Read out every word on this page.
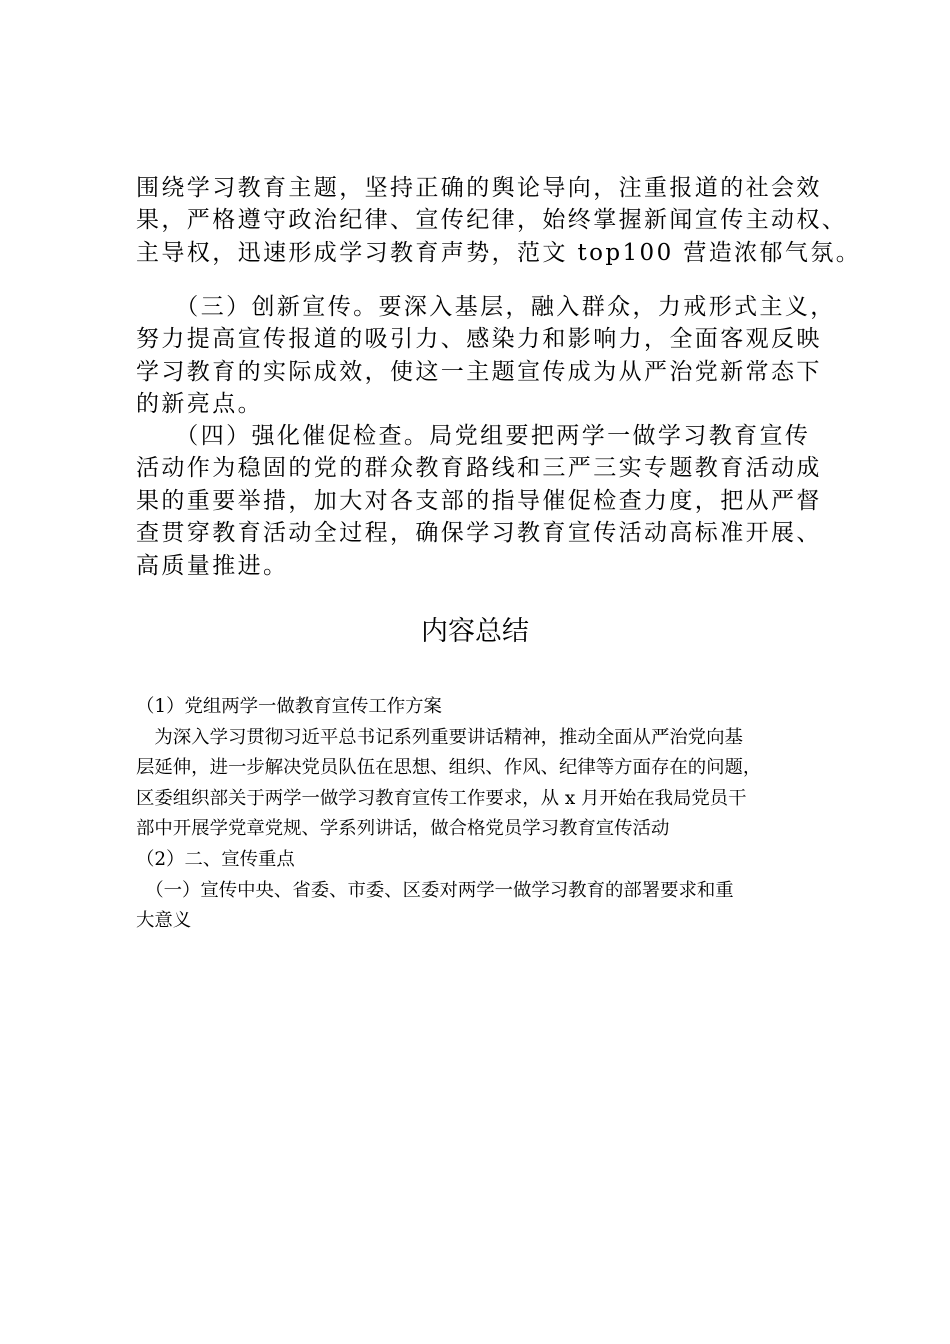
围绕学习教育主题，坚持正确的舆论导向，注重报道的社会效
果，严格遵守政治纪律、宣传纪律，始终掌握新闻宣传主动权、
主导权，迅速形成学习教育声势，范文 top100 营造浓郁气氛。

　　（三）创新宣传。要深入基层，融入群众，力戒形式主义，
努力提高宣传报道的吸引力、感染力和影响力，全面客观反映
学习教育的实际成效，使这一主题宣传成为从严治党新常态下
的新亮点。

　　（四）强化催促检查。局党组要把两学一做学习教育宣传
活动作为稳固的党的群众教育路线和三严三实专题教育活动成
果的重要举措，加大对各支部的指导催促检查力度，把从严督
查贯穿教育活动全过程，确保学习教育宣传活动高标准开展、
高质量推进。

内容总结

（1）党组两学一做教育宣传工作方案
　为深入学习贯彻习近平总书记系列重要讲话精神，推动全面从严治党向基
层延伸，进一步解决党员队伍在思想、组织、作风、纪律等方面存在的问题，
区委组织部关于两学一做学习教育宣传工作要求，从 x 月开始在我局党员干
部中开展学党章党规、学系列讲话，做合格党员学习教育宣传活动
（2）二、宣传重点
　（一）宣传中央、省委、市委、区委对两学一做学习教育的部署要求和重
大意义
